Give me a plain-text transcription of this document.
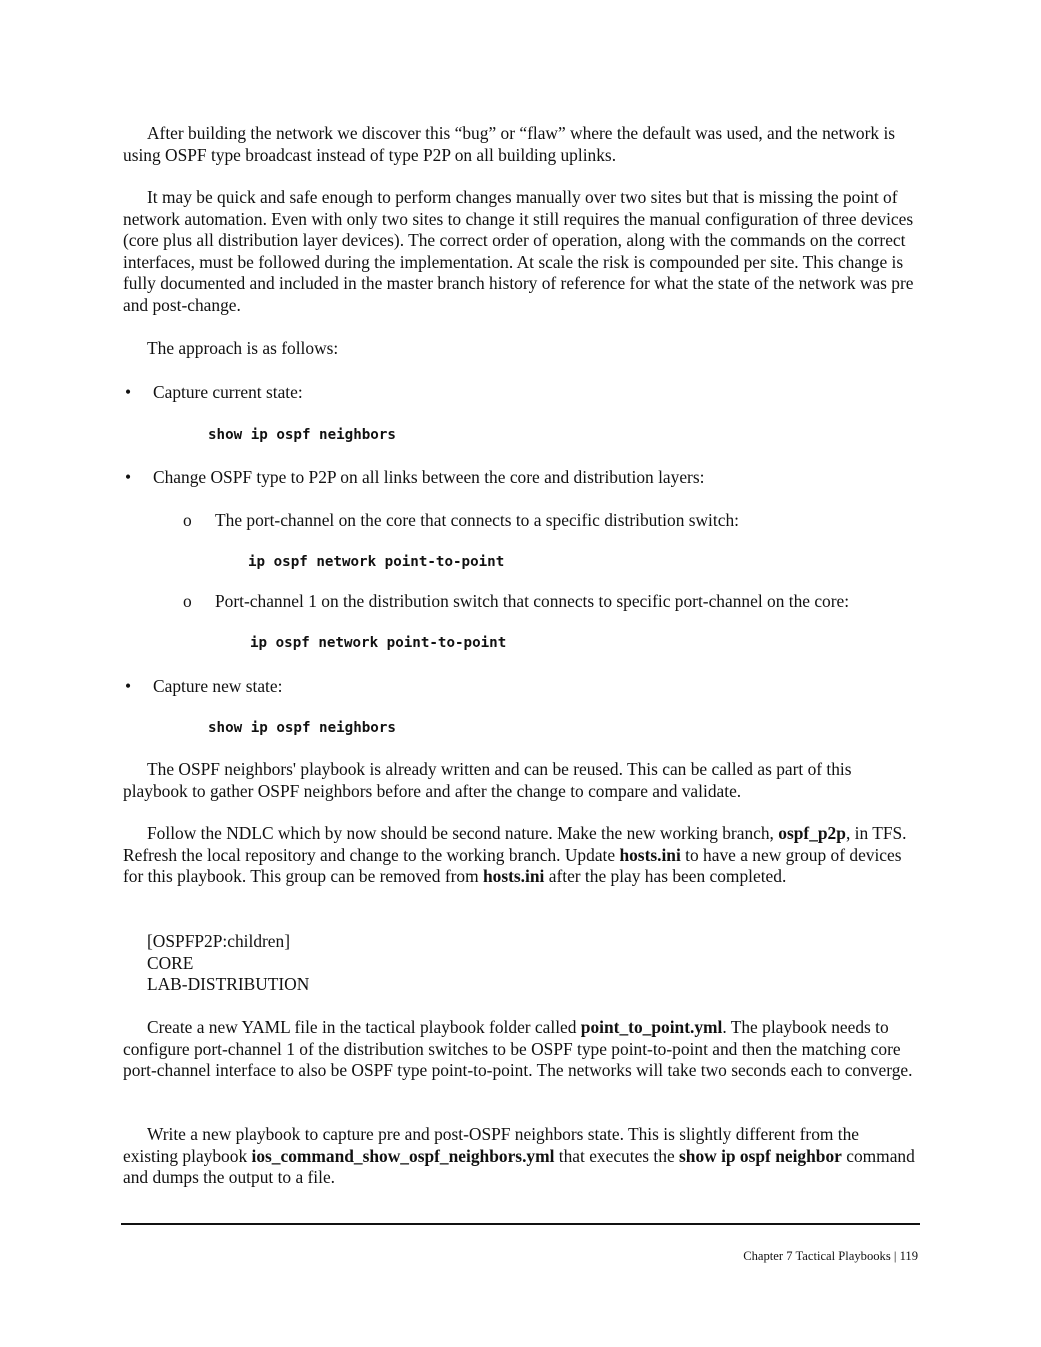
After building the network we discover this “bug” or “flaw” where the default was used, and the network is using OSPF type broadcast instead of type P2P on all building uplinks.
It may be quick and safe enough to perform changes manually over two sites but that is missing the point of network automation. Even with only two sites to change it still requires the manual configuration of three devices (core plus all distribution layer devices). The correct order of operation, along with the commands on the correct interfaces, must be followed during the implementation. At scale the risk is compounded per site. This change is fully documented and included in the master branch history of reference for what the state of the network was pre and post-change.
The approach is as follows:
• Capture current state:
show ip ospf neighbors
• Change OSPF type to P2P on all links between the core and distribution layers:
o The port-channel on the core that connects to a specific distribution switch:
ip ospf network point-to-point
o Port-channel 1 on the distribution switch that connects to specific port-channel on the core:
ip ospf network point-to-point
• Capture new state:
show ip ospf neighbors
The OSPF neighbors' playbook is already written and can be reused. This can be called as part of this playbook to gather OSPF neighbors before and after the change to compare and validate.
Follow the NDLC which by now should be second nature. Make the new working branch, ospf_p2p, in TFS. Refresh the local repository and change to the working branch. Update hosts.ini to have a new group of devices for this playbook. This group can be removed from hosts.ini after the play has been completed.
[OSPFP2P:children]
CORE
LAB-DISTRIBUTION
Create a new YAML file in the tactical playbook folder called point_to_point.yml. The playbook needs to configure port-channel 1 of the distribution switches to be OSPF type point-to-point and then the matching core port-channel interface to also be OSPF type point-to-point. The networks will take two seconds each to converge.
Write a new playbook to capture pre and post-OSPF neighbors state. This is slightly different from the existing playbook ios_command_show_ospf_neighbors.yml that executes the show ip ospf neighbor command and dumps the output to a file.
Chapter 7 Tactical Playbooks | 119
